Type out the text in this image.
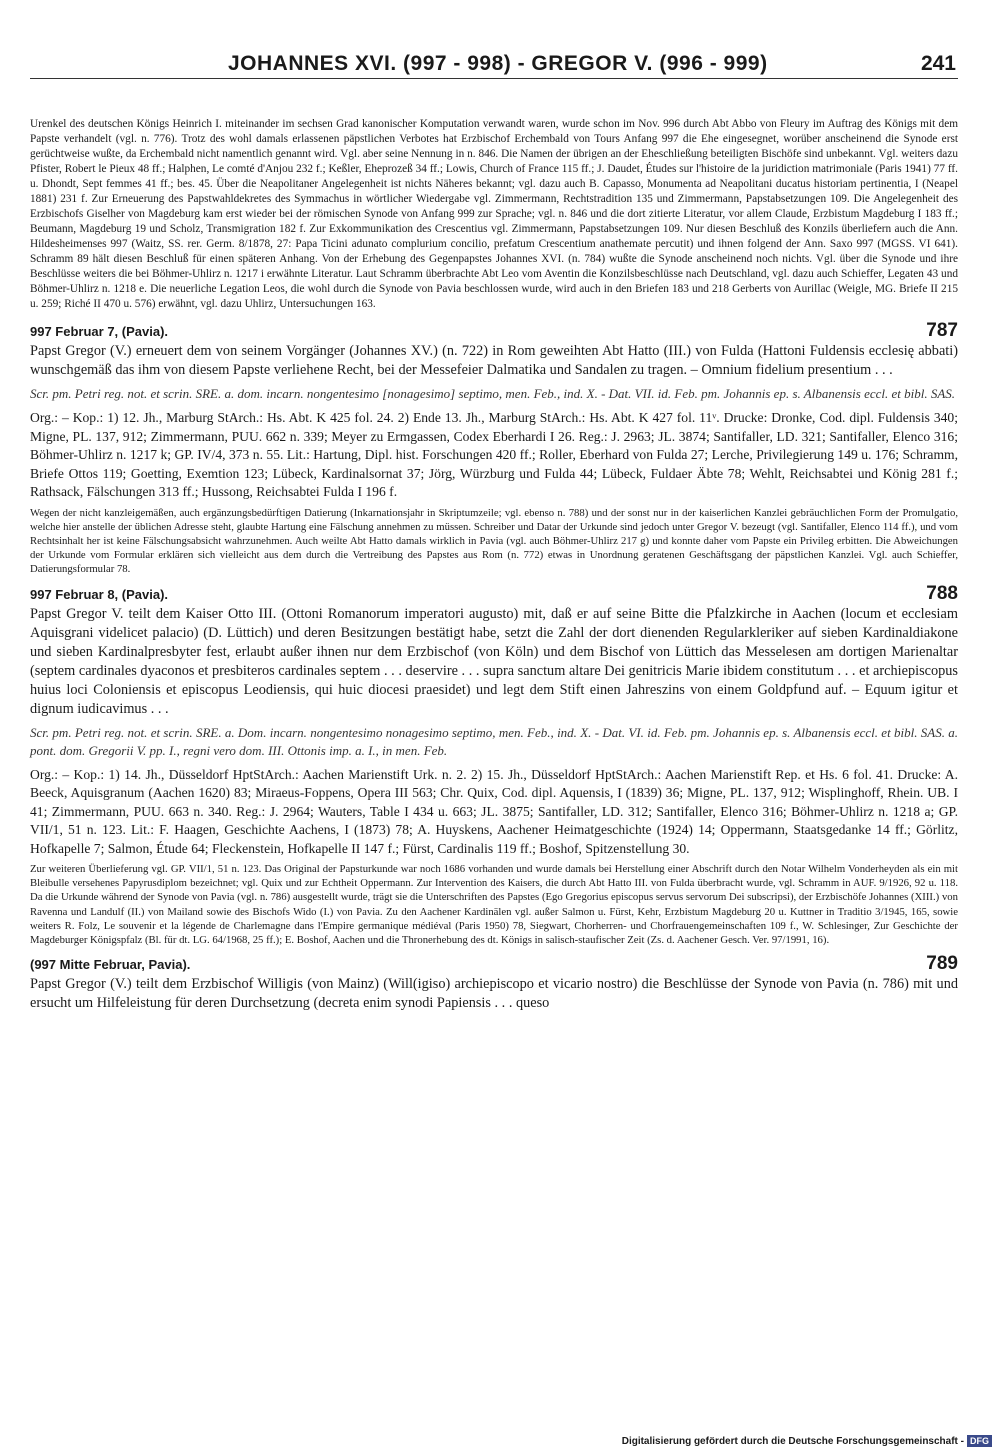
JOHANNES XVI. (997 - 998) - GREGOR V. (996 - 999)	241

Urenkel des deutschen Königs Heinrich I. miteinander im sechsen Grad kanonischer Komputation verwandt waren, wurde schon im Nov. 996 durch Abt Abbo von Fleury im Auftrag des Königs mit dem Papste verhandelt (vgl. n. 776). Trotz des wohl damals erlassenen päpstlichen Verbotes hat Erzbischof Erchembald von Tours Anfang 997 die Ehe eingesegnet, worüber anscheinend die Synode erst gerüchtweise wußte, da Erchembald nicht namentlich genannt wird. Vgl. aber seine Nennung in n. 846. Die Namen der übrigen an der Eheschließung beteiligten Bischöfe sind unbekannt. Vgl. weiters dazu Pfister, Robert le Pieux 48 ff.; Halphen, Le comté d'Anjou 232 f.; Keßler, Eheprozeß 34 ff.; Lowis, Church of France 115 ff.; J. Daudet, Études sur l'histoire de la juridiction matrimoniale (Paris 1941) 77 ff. u. Dhondt, Sept femmes 41 ff.; bes. 45. Über die Neapolitaner Angelegenheit ist nichts Näheres bekannt; vgl. dazu auch B. Capasso, Monumenta ad Neapolitani ducatus historiam pertinentia, I (Neapel 1881) 231 f. Zur Erneuerung des Papstwahldekretes des Symmachus in wörtlicher Wiedergabe vgl. Zimmermann, Rechtstradition 135 und Zimmermann, Papstabsetzungen 109. Die Angelegenheit des Erzbischofs Giselher von Magdeburg kam erst wieder bei der römischen Synode von Anfang 999 zur Sprache; vgl. n. 846 und die dort zitierte Literatur, vor allem Claude, Erzbistum Magdeburg I 183 ff.; Beumann, Magdeburg 19 und Scholz, Transmigration 182 f. Zur Exkommunikation des Crescentius vgl. Zimmermann, Papstabsetzungen 109. Nur diesen Beschluß des Konzils überliefern auch die Ann. Hildesheimenses 997 (Waitz, SS. rer. Germ. 8/1878, 27: Papa Ticini adunato complurium concilio, prefatum Crescentium anathemate percutit) und ihnen folgend der Ann. Saxo 997 (MGSS. VI 641). Schramm 89 hält diesen Beschluß für einen späteren Anhang. Von der Erhebung des Gegenpapstes Johannes XVI. (n. 784) wußte die Synode anscheinend noch nichts. Vgl. über die Synode und ihre Beschlüsse weiters die bei Böhmer-Uhlirz n. 1217 i erwähnte Literatur. Laut Schramm überbrachte Abt Leo vom Aventin die Konzilsbeschlüsse nach Deutschland, vgl. dazu auch Schieffer, Legaten 43 und Böhmer-Uhlirz n. 1218 e. Die neuerliche Legation Leos, die wohl durch die Synode von Pavia beschlossen wurde, wird auch in den Briefen 183 und 218 Gerberts von Aurillac (Weigle, MG. Briefe II 215 u. 259; Riché II 470 u. 576) erwähnt, vgl. dazu Uhlirz, Untersuchungen 163.

997 Februar 7, (Pavia).	787

Papst Gregor (V.) erneuert dem von seinem Vorgänger (Johannes XV.) (n. 722) in Rom geweihten Abt Hatto (III.) von Fulda (Hattoni Fuldensis ecclesię abbati) wunschgemäß das ihm von diesem Papste verliehene Recht, bei der Messefeier Dalmatika und Sandalen zu tragen. – Omnium fidelium presentium . . .

Scr. pm. Petri reg. not. et scrin. SRE. a. dom. incarn. nongentesimo [nonagesimo] septimo, men. Feb., ind. X. - Dat. VII. id. Feb. pm. Johannis ep. s. Albanensis eccl. et bibl. SAS.

Org.: – Kop.: 1) 12. Jh., Marburg StArch.: Hs. Abt. K 425 fol. 24. 2) Ende 13. Jh., Marburg StArch.: Hs. Abt. K 427 fol. 11ᵛ. Drucke: Dronke, Cod. dipl. Fuldensis 340; Migne, PL. 137, 912; Zimmermann, PUU. 662 n. 339; Meyer zu Ermgassen, Codex Eberhardi I 26. Reg.: J. 2963; JL. 3874; Santifaller, LD. 321; Santifaller, Elenco 316; Böhmer-Uhlirz n. 1217 k; GP. IV/4, 373 n. 55. Lit.: Hartung, Dipl. hist. Forschungen 420 ff.; Roller, Eberhard von Fulda 27; Lerche, Privilegierung 149 u. 176; Schramm, Briefe Ottos 119; Goetting, Exemtion 123; Lübeck, Kardinalsornat 37; Jörg, Würzburg und Fulda 44; Lübeck, Fuldaer Äbte 78; Wehlt, Reichsabtei und König 281 f.; Rathsack, Fälschungen 313 ff.; Hussong, Reichsabtei Fulda I 196 f.

Wegen der nicht kanzleigemäßen, auch ergänzungsbedürftigen Datierung (Inkarnationsjahr in Skriptumzeile; vgl. ebenso n. 788) und der sonst nur in der kaiserlichen Kanzlei gebräuchlichen Form der Promulgatio, welche hier anstelle der üblichen Adresse steht, glaubte Hartung eine Fälschung annehmen zu müssen. Schreiber und Datar der Urkunde sind jedoch unter Gregor V. bezeugt (vgl. Santifaller, Elenco 114 ff.), und vom Rechtsinhalt her ist keine Fälschungsabsicht wahrzunehmen. Auch weilte Abt Hatto damals wirklich in Pavia (vgl. auch Böhmer-Uhlirz 217 g) und konnte daher vom Papste ein Privileg erbitten. Die Abweichungen der Urkunde vom Formular erklären sich vielleicht aus dem durch die Vertreibung des Papstes aus Rom (n. 772) etwas in Unordnung geratenen Geschäftsgang der päpstlichen Kanzlei. Vgl. auch Schieffer, Datierungsformular 78.

997 Februar 8, (Pavia).	788

Papst Gregor V. teilt dem Kaiser Otto III. (Ottoni Romanorum imperatori augusto) mit, daß er auf seine Bitte die Pfalzkirche in Aachen (locum et ecclesiam Aquisgrani videlicet palacio) (D. Lüttich) und deren Besitzungen bestätigt habe, setzt die Zahl der dort dienenden Regularkleriker auf sieben Kardinaldiakone und sieben Kardinalpresbyter fest, erlaubt außer ihnen nur dem Erzbischof (von Köln) und dem Bischof von Lüttich das Messelesen am dortigen Marienaltar (septem cardinales dyaconos et presbiteros cardinales septem . . . deservire . . . supra sanctum altare Dei genitricis Marie ibidem constitutum . . . et archiepiscopus huius loci Coloniensis et episcopus Leodiensis, qui huic diocesi praesidet) und legt dem Stift einen Jahreszins von einem Goldpfund auf. – Equum igitur et dignum iudicavimus . . .

Scr. pm. Petri reg. not. et scrin. SRE. a. Dom. incarn. nongentesimo nonagesimo septimo, men. Feb., ind. X. - Dat. VI. id. Feb. pm. Johannis ep. s. Albanensis eccl. et bibl. SAS. a. pont. dom. Gregorii V. pp. I., regni vero dom. III. Ottonis imp. a. I., in men. Feb.

Org.: – Kop.: 1) 14. Jh., Düsseldorf HptStArch.: Aachen Marienstift Urk. n. 2. 2) 15. Jh., Düsseldorf HptStArch.: Aachen Marienstift Rep. et Hs. 6 fol. 41. Drucke: A. Beeck, Aquisgranum (Aachen 1620) 83; Miraeus-Foppens, Opera III 563; Chr. Quix, Cod. dipl. Aquensis, I (1839) 36; Migne, PL. 137, 912; Wisplinghoff, Rhein. UB. I 41; Zimmermann, PUU. 663 n. 340. Reg.: J. 2964; Wauters, Table I 434 u. 663; JL. 3875; Santifaller, LD. 312; Santifaller, Elenco 316; Böhmer-Uhlirz n. 1218 a; GP. VII/1, 51 n. 123. Lit.: F. Haagen, Geschichte Aachens, I (1873) 78; A. Huyskens, Aachener Heimatgeschichte (1924) 14; Oppermann, Staatsgedanke 14 ff.; Görlitz, Hofkapelle 7; Salmon, Étude 64; Fleckenstein, Hofkapelle II 147 f.; Fürst, Cardinalis 119 ff.; Boshof, Spitzenstellung 30.

Zur weiteren Überlieferung vgl. GP. VII/1, 51 n. 123. Das Original der Papsturkunde war noch 1686 vorhanden und wurde damals bei Herstellung einer Abschrift durch den Notar Wilhelm Vonderheyden als ein mit Bleibulle versehenes Papyrusdiplom bezeichnet; vgl. Quix und zur Echtheit Oppermann. Zur Intervention des Kaisers, die durch Abt Hatto III. von Fulda überbracht wurde, vgl. Schramm in AUF. 9/1926, 92 u. 118. Da die Urkunde während der Synode von Pavia (vgl. n. 786) ausgestellt wurde, trägt sie die Unterschriften des Papstes (Ego Gregorius episcopus servus servorum Dei subscripsi), der Erzbischöfe Johannes (XIII.) von Ravenna und Landulf (II.) von Mailand sowie des Bischofs Wido (I.) von Pavia. Zu den Aachener Kardinälen vgl. außer Salmon u. Fürst, Kehr, Erzbistum Magdeburg 20 u. Kuttner in Traditio 3/1945, 165, sowie weiters R. Folz, Le souvenir et la légende de Charlemagne dans l'Empire germanique médiéval (Paris 1950) 78, Siegwart, Chorherren- und Chorfrauengemeinschaften 109 f., W. Schlesinger, Zur Geschichte der Magdeburger Königspfalz (Bl. für dt. LG. 64/1968, 25 ff.); E. Boshof, Aachen und die Thronerhebung des dt. Königs in salisch-staufischer Zeit (Zs. d. Aachener Gesch. Ver. 97/1991, 16).

(997 Mitte Februar, Pavia).	789

Papst Gregor (V.) teilt dem Erzbischof Willigis (von Mainz) (Will(igiso) archiepiscopo et vicario nostro) die Beschlüsse der Synode von Pavia (n. 786) mit und ersucht um Hilfeleistung für deren Durchsetzung (decreta enim synodi Papiensis . . . queso

Digitalisierung gefördert durch die Deutsche Forschungsgemeinschaft - DFG
